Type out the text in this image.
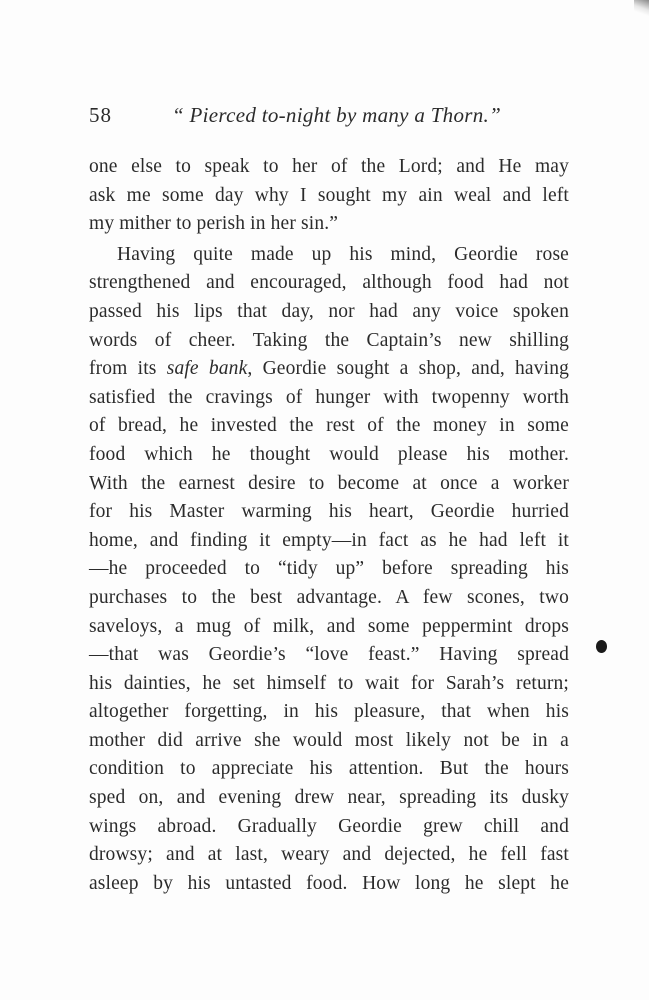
58	“ Pierced to-night by many a Thorn.”
one else to speak to her of the Lord; and He may
ask me some day why I sought my ain weal and left
my mither to perish in her sin.”
Having quite made up his mind, Geordie rose
strengthened and encouraged, although food had not
passed his lips that day, nor had any voice spoken
words of cheer. Taking the Captain’s new shilling
from its safe bank, Geordie sought a shop, and, having
satisfied the cravings of hunger with twopenny worth
of bread, he invested the rest of the money in some
food which he thought would please his mother.
With the earnest desire to become at once a worker
for his Master warming his heart, Geordie hurried
home, and finding it empty—in fact as he had left it
—he proceeded to “tidy up” before spreading his
purchases to the best advantage. A few scones, two
saveloys, a mug of milk, and some peppermint drops
—that was Geordie’s “love feast.” Having spread
his dainties, he set himself to wait for Sarah’s return;
altogether forgetting, in his pleasure, that when his
mother did arrive she would most likely not be in a
condition to appreciate his attention. But the hours
sped on, and evening drew near, spreading its dusky
wings abroad. Gradually Geordie grew chill and
drowsy; and at last, weary and dejected, he fell fast
asleep by his untasted food. How long he slept he
